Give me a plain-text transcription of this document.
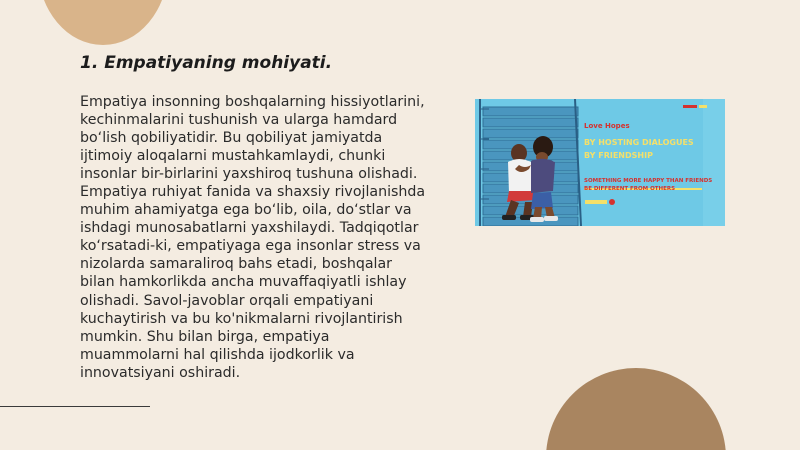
1. Empatiyaning mohiyati.

Empatiya insonning boshqalarning hissiyotlarini, kechinmalarini tushunish va ularga hamdard bo‘lish qobiliyatidir. Bu qobiliyat jamiyatda ijtimoiy aloqalarni mustahkamlaydi, chunki insonlar bir-birlarini yaxshiroq tushuna olishadi. Empatiya ruhiyat fanida va shaxsiy rivojlanishda muhim ahamiyatga ega bo‘lib, oila, do‘stlar va ishdagi munosabatlarni yaxshilaydi. Tadqiqotlar ko‘rsatadi-ki, empatiyaga ega insonlar stress va nizolarda samaraliroq bahs etadi, boshqalar bilan hamkorlikda ancha muvaffaqiyatli ishlay olishadi. Savol-javoblar orqali empatiyani kuchaytirish va bu ko'nikmalarni rivojlantirish mumkin. Shu bilan birga, empatiya muammolarni hal qilishda ijodkorlik va innovatsiyani oshiradi.

Love Hopes
BY HOSTING DIALOGUES
BY FRIENDSHIP
SOMETHING MORE HAPPY THAN FRIENDS
BE DIFFERENT FROM OTHERS
